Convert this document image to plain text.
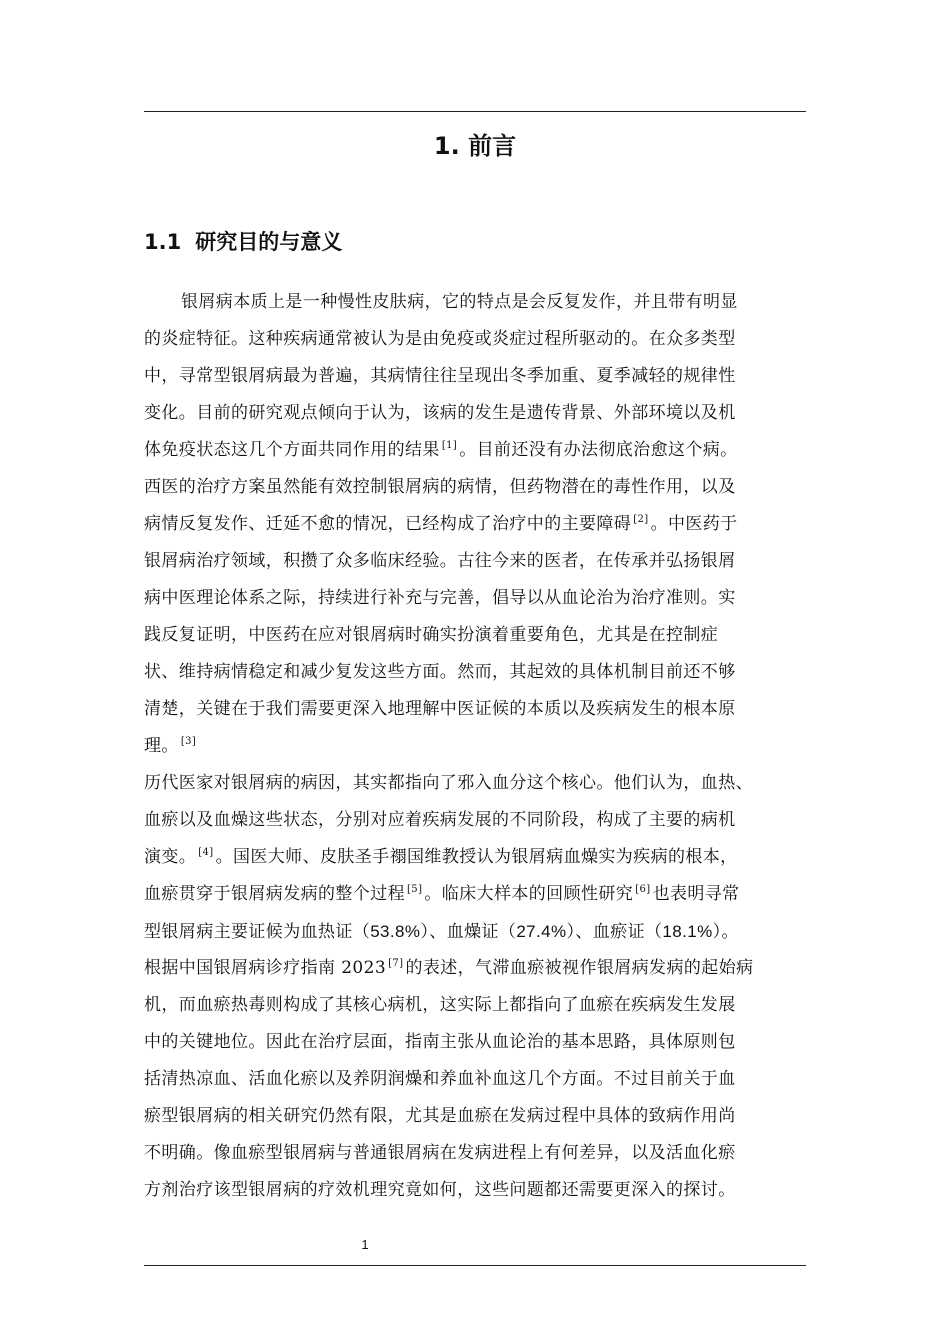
1. 前言
1.1 研究目的与意义
银屑病本质上是一种慢性皮肤病，它的特点是会反复发作，并且带有明显
的炎症特征。这种疾病通常被认为是由免疫或炎症过程所驱动的。在众多类型
中，寻常型银屑病最为普遍，其病情往往呈现出冬季加重、夏季减轻的规律性
变化。目前的研究观点倾向于认为，该病的发生是遗传背景、外部环境以及机
体免疫状态这几个方面共同作用的结果 [1] 。目前还没有办法彻底治愈这个病。
西医的治疗方案虽然能有效控制银屑病的病情，但药物潜在的毒性作用，以及
病情反复发作、迁延不愈的情况，已经构成了治疗中的主要障碍 [2] 。中医药于
银屑病治疗领域，积攒了众多临床经验。古往今来的医者，在传承并弘扬银屑
病中医理论体系之际，持续进行补充与完善，倡导以从血论治为治疗准则。实
践反复证明，中医药在应对银屑病时确实扮演着重要角色，尤其是在控制症
状、维持病情稳定和减少复发这些方面。然而，其起效的具体机制目前还不够
清楚，关键在于我们需要更深入地理解中医证候的本质以及疾病发生的根本原
理。 [3]
历代医家对银屑病的病因，其实都指向了邪入血分这个核心。他们认为，血热、
血瘀以及血燥这些状态，分别对应着疾病发展的不同阶段，构成了主要的病机
演变。 [4] 。国医大师、皮肤圣手禤国维教授认为银屑病血燥实为疾病的根本，
血瘀贯穿于银屑病发病的整个过程 [5] 。临床大样本的回顾性研究 [6] 也表明寻常
型银屑病主要证候为血热证（53.8%）、血燥证（27.4%）、血瘀证（18.1%）。
根据中国银屑病诊疗指南 2023 [7] 的表述，气滞血瘀被视作银屑病发病的起始病
机，而血瘀热毒则构成了其核心病机，这实际上都指向了血瘀在疾病发生发展
中的关键地位。因此在治疗层面，指南主张从血论治的基本思路，具体原则包
括清热凉血、活血化瘀以及养阴润燥和养血补血这几个方面。不过目前关于血
瘀型银屑病的相关研究仍然有限，尤其是血瘀在发病过程中具体的致病作用尚
不明确。像血瘀型银屑病与普通银屑病在发病进程上有何差异，以及活血化瘀
方剂治疗该型银屑病的疗效机理究竟如何，这些问题都还需要更深入的探讨。
1
